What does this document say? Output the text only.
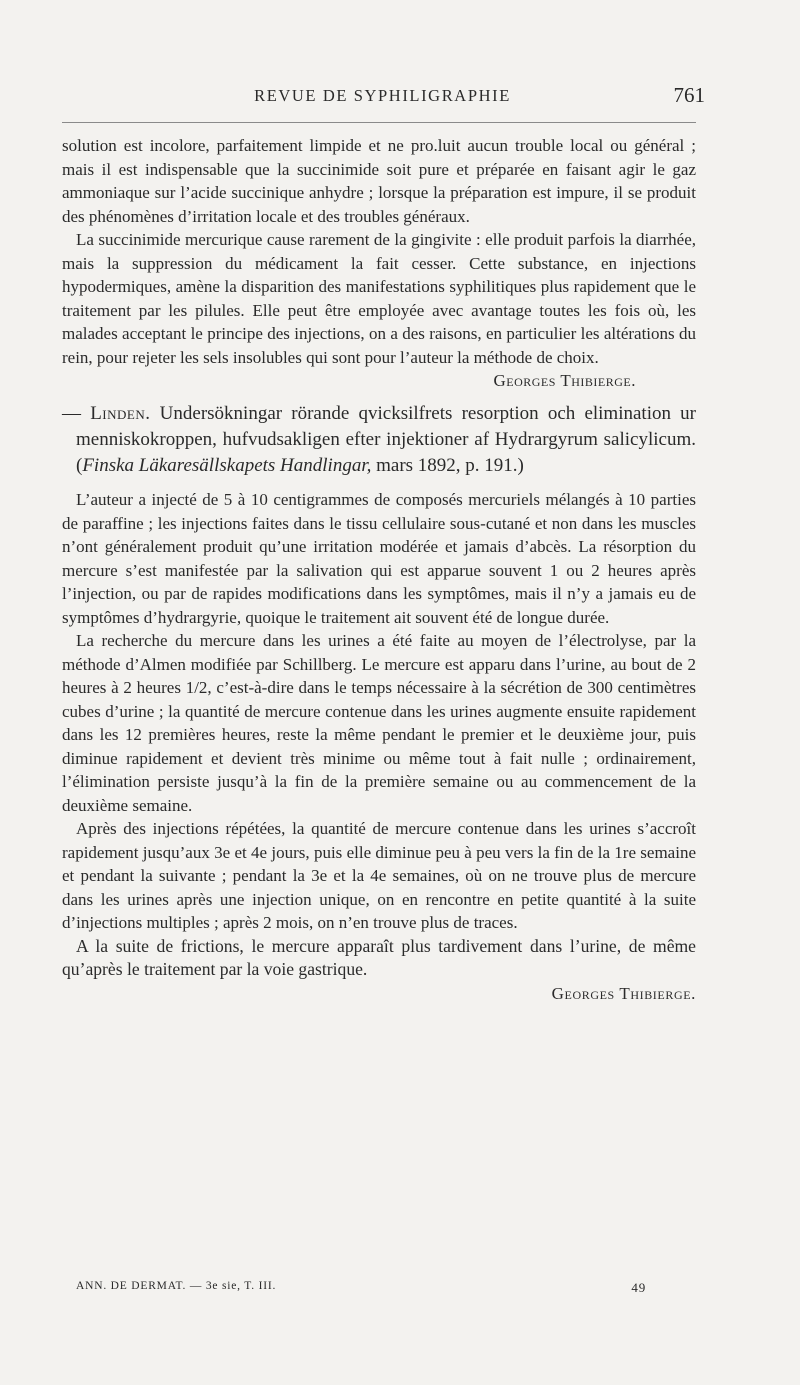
REVUE DE SYPHILIGRAPHIE	761

solution est incolore, parfaitement limpide et ne pro.luit aucun trouble local ou général ; mais il est indispensable que la succinimide soit pure et préparée en faisant agir le gaz ammoniaque sur l’acide succinique anhydre ; lorsque la préparation est impure, il se produit des phénomènes d’irritation locale et des troubles généraux.

La succinimide mercurique cause rarement de la gingivite : elle produit parfois la diarrhée, mais la suppression du médicament la fait cesser. Cette substance, en injections hypodermiques, amène la disparition des manifestations syphilitiques plus rapidement que le traitement par les pilules. Elle peut être employée avec avantage toutes les fois où, les malades acceptant le principe des injections, on a des raisons, en particulier les altérations du rein, pour rejeter les sels insolubles qui sont pour l’auteur la méthode de choix.
Georges Thibierge.

— Linden. Undersökningar rörande qvicksilfrets resorption och elimination ur menniskokroppen, hufvudsakligen efter injektioner af Hydrargyrum salicylicum. (Finska Läkaresällskapets Handlingar, mars 1892, p. 191.)

L’auteur a injecté de 5 à 10 centigrammes de composés mercuriels mélangés à 10 parties de paraffine ; les injections faites dans le tissu cellulaire sous-cutané et non dans les muscles n’ont généralement produit qu’une irritation modérée et jamais d’abcès. La résorption du mercure s’est manifestée par la salivation qui est apparue souvent 1 ou 2 heures après l’injection, ou par de rapides modifications dans les symptômes, mais il n’y a jamais eu de symptômes d’hydrargyrie, quoique le traitement ait souvent été de longue durée.

La recherche du mercure dans les urines a été faite au moyen de l’électrolyse, par la méthode d’Almen modifiée par Schillberg. Le mercure est apparu dans l’urine, au bout de 2 heures à 2 heures 1/2, c’est-à-dire dans le temps nécessaire à la sécrétion de 300 centimètres cubes d’urine ; la quantité de mercure contenue dans les urines augmente ensuite rapidement dans les 12 premières heures, reste la même pendant le premier et le deuxième jour, puis diminue rapidement et devient très minime ou même tout à fait nulle ; ordinairement, l’élimination persiste jusqu’à la fin de la première semaine ou au commencement de la deuxième semaine.

Après des injections répétées, la quantité de mercure contenue dans les urines s’accroît rapidement jusqu’aux 3e et 4e jours, puis elle diminue peu à peu vers la fin de la 1re semaine et pendant la suivante ; pendant la 3e et la 4e semaines, où on ne trouve plus de mercure dans les urines après une injection unique, on en rencontre en petite quantité à la suite d’injections multiples ; après 2 mois, on n’en trouve plus de traces.

A la suite de frictions, le mercure apparaît plus tardivement dans l’urine, de même qu’après le traitement par la voie gastrique.

Georges Thibierge.
ANN. DE DERMAT. — 3e sie, T. III.	49
